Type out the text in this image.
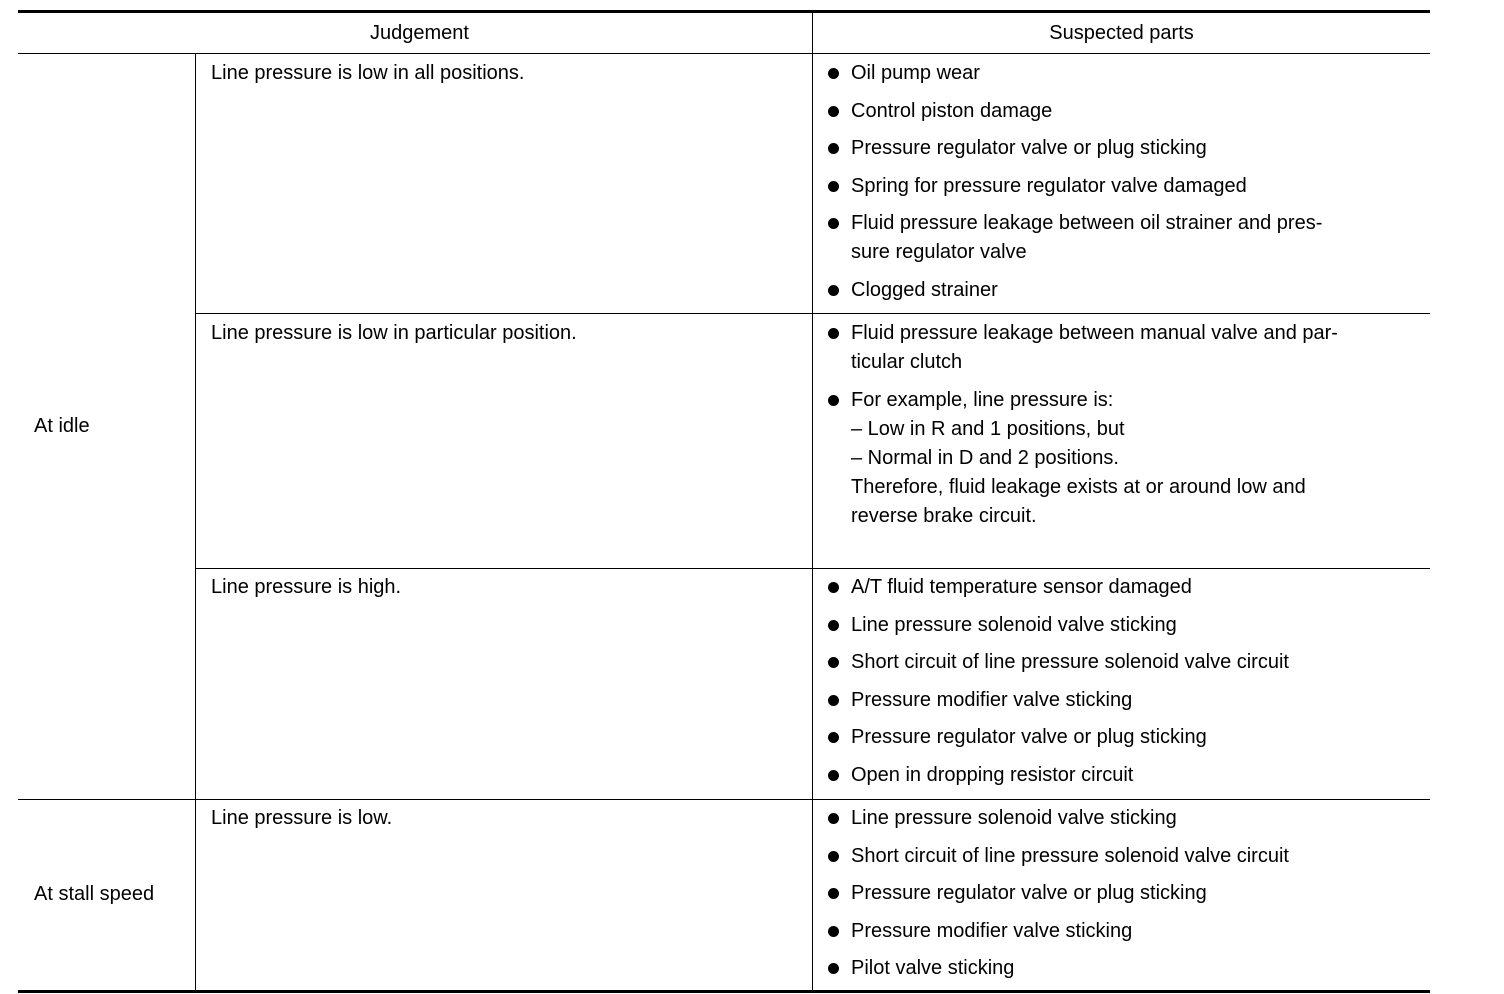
Judgement	Suspected parts
At idle
At stall speed
Line pressure is low in all positions.
Line pressure is low in particular position.
Line pressure is high.
Line pressure is low.
Oil pump wear
Control piston damage
Pressure regulator valve or plug sticking
Spring for pressure regulator valve damaged
Fluid pressure leakage between oil strainer and pres-
sure regulator valve
Clogged strainer
Fluid pressure leakage between manual valve and par-
ticular clutch
For example, line pressure is:
– Low in R and 1 positions, but
– Normal in D and 2 positions.
Therefore, fluid leakage exists at or around low and
reverse brake circuit.
A/T fluid temperature sensor damaged
Line pressure solenoid valve sticking
Short circuit of line pressure solenoid valve circuit
Pressure modifier valve sticking
Pressure regulator valve or plug sticking
Open in dropping resistor circuit
Line pressure solenoid valve sticking
Short circuit of line pressure solenoid valve circuit
Pressure regulator valve or plug sticking
Pressure modifier valve sticking
Pilot valve sticking
